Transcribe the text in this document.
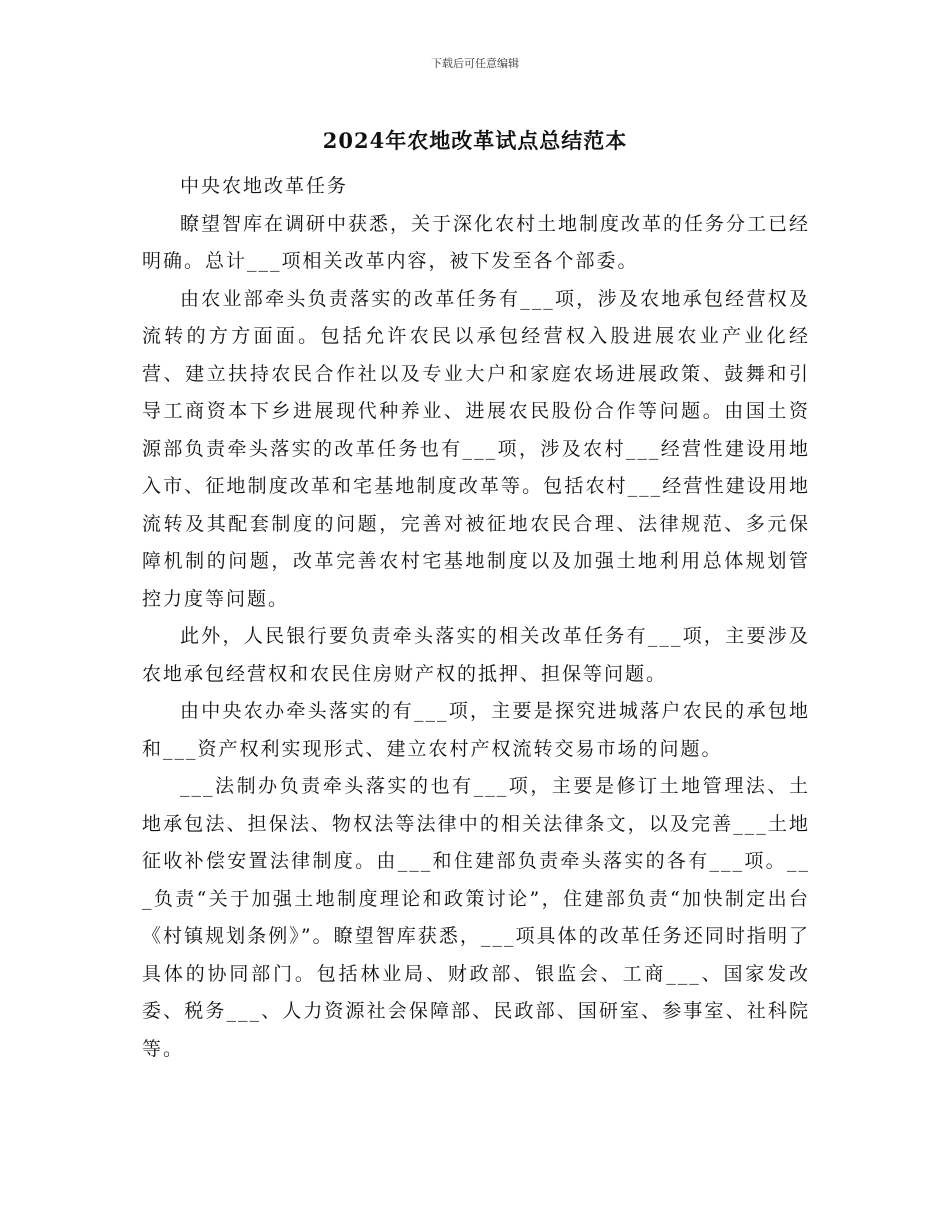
下载后可任意编辑
2024年农地改革试点总结范本

中央农地改革任务

瞭望智库在调研中获悉，关于深化农村土地制度改革的任务分工已经明确。总计___项相关改革内容，被下发至各个部委。

由农业部牵头负责落实的改革任务有___项，涉及农地承包经营权及流转的方方面面。包括允许农民以承包经营权入股进展农业产业化经营、建立扶持农民合作社以及专业大户和家庭农场进展政策、鼓舞和引导工商资本下乡进展现代种养业、进展农民股份合作等问题。由国土资源部负责牵头落实的改革任务也有___项，涉及农村___经营性建设用地入市、征地制度改革和宅基地制度改革等。包括农村___经营性建设用地流转及其配套制度的问题，完善对被征地农民合理、法律规范、多元保障机制的问题，改革完善农村宅基地制度以及加强土地利用总体规划管控力度等问题。

此外，人民银行要负责牵头落实的相关改革任务有___项，主要涉及农地承包经营权和农民住房财产权的抵押、担保等问题。

由中央农办牵头落实的有___项，主要是探究进城落户农民的承包地和___资产权利实现形式、建立农村产权流转交易市场的问题。

___法制办负责牵头落实的也有___项，主要是修订土地管理法、土地承包法、担保法、物权法等法律中的相关法律条文，以及完善___土地征收补偿安置法律制度。由___和住建部负责牵头落实的各有___项。___负责“关于加强土地制度理论和政策讨论”，住建部负责“加快制定出台《村镇规划条例》”。瞭望智库获悉，___项具体的改革任务还同时指明了具体的协同部门。包括林业局、财政部、银监会、工商___、国家发改委、税务___、人力资源社会保障部、民政部、国研室、参事室、社科院等。
